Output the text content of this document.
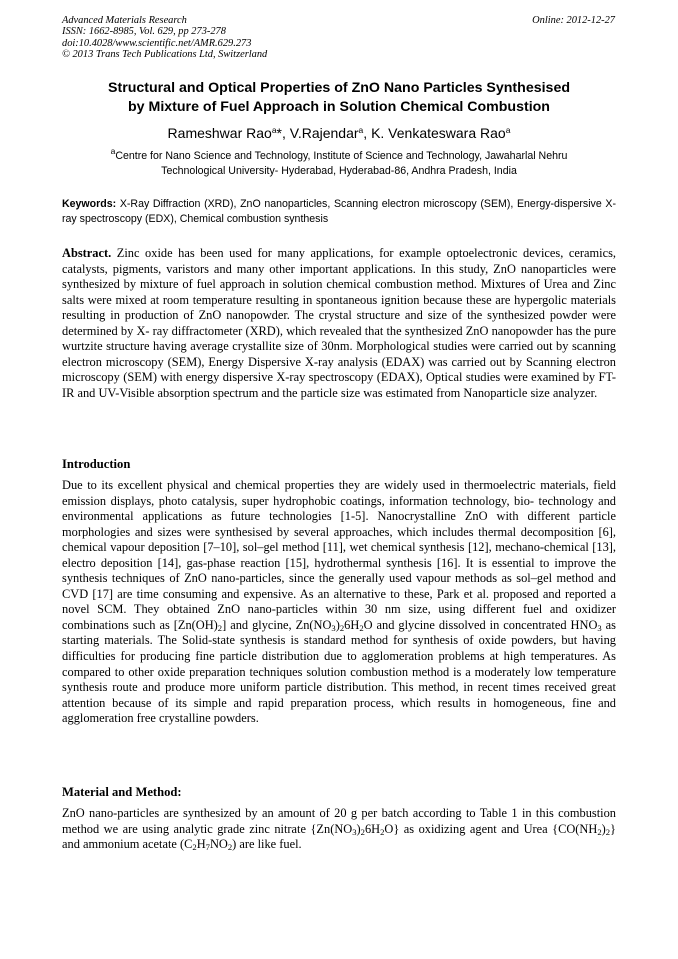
Advanced Materials Research
ISSN: 1662-8985, Vol. 629, pp 273-278
doi:10.4028/www.scientific.net/AMR.629.273
© 2013 Trans Tech Publications Ltd, Switzerland
Online: 2012-12-27
Structural and Optical Properties of ZnO Nano Particles Synthesised
by Mixture of Fuel Approach in Solution Chemical Combustion
Rameshwar Rao$^a$*, V.Rajendar$^a$, K. Venkateswara Rao$^a$
$^a$Centre for Nano Science and Technology, Institute of Science and Technology, Jawaharlal Nehru
Technological University- Hyderabad, Hyderabad-86, Andhra Pradesh, India
Keywords: X-Ray Diffraction (XRD), ZnO nanoparticles, Scanning electron microscopy (SEM), Energy-dispersive X-ray spectroscopy (EDX), Chemical combustion synthesis
Abstract. Zinc oxide has been used for many applications, for example optoelectronic devices, ceramics, catalysts, pigments, varistors and many other important applications. In this study, ZnO nanoparticles were synthesized by mixture of fuel approach in solution chemical combustion method. Mixtures of Urea and Zinc salts were mixed at room temperature resulting in spontaneous ignition because these are hypergolic materials resulting in production of ZnO nanopowder. The crystal structure and size of the synthesized powder were determined by X- ray diffractometer (XRD), which revealed that the synthesized ZnO nanopowder has the pure wurtzite structure having average crystallite size of 30nm. Morphological studies were carried out by scanning electron microscopy (SEM), Energy Dispersive X-ray analysis (EDAX) was carried out by Scanning electron microscopy (SEM) with energy dispersive X-ray spectroscopy (EDAX), Optical studies were examined by FT-IR and UV-Visible absorption spectrum and the particle size was estimated from Nanoparticle size analyzer.
Introduction
Due to its excellent physical and chemical properties they are widely used in thermoelectric materials, field emission displays, photo catalysis, super hydrophobic coatings, information technology, bio- technology and environmental applications as future technologies [1-5]. Nanocrystalline ZnO with different particle morphologies and sizes were synthesised by several approaches, which includes thermal decomposition [6], chemical vapour deposition [7–10], sol–gel method [11], wet chemical synthesis [12], mechano-chemical [13], electro deposition [14], gas-phase reaction [15], hydrothermal synthesis [16]. It is essential to improve the synthesis techniques of ZnO nano-particles, since the generally used vapour methods as sol–gel method and CVD [17] are time consuming and expensive. As an alternative to these, Park et al. proposed and reported a novel SCM. They obtained ZnO nano-particles within 30 nm size, using different fuel and oxidizer combinations such as $[Zn(OH)_2]$ and glycine, $Zn(NO_3)_26H_2O$ and glycine dissolved in concentrated $HNO_3$ as starting materials. The Solid-state synthesis is standard method for synthesis of oxide powders, but having difficulties for producing fine particle distribution due to agglomeration problems at high temperatures. As compared to other oxide preparation techniques solution combustion method is a moderately low temperature synthesis route and produce more uniform particle distribution. This method, in recent times received great attention because of its simple and rapid preparation process, which results in homogeneous, fine and agglomeration free crystalline powders.
Material and Method:
ZnO nano-particles are synthesized by an amount of 20 g per batch according to Table 1 in this combustion method we are using analytic grade zinc nitrate $\{Zn(NO_3)_26H_2O\}$ as oxidizing agent and Urea $\{CO(NH_2)_2\}$ and ammonium acetate $(C_2H_7NO_2)$ are like fuel.
